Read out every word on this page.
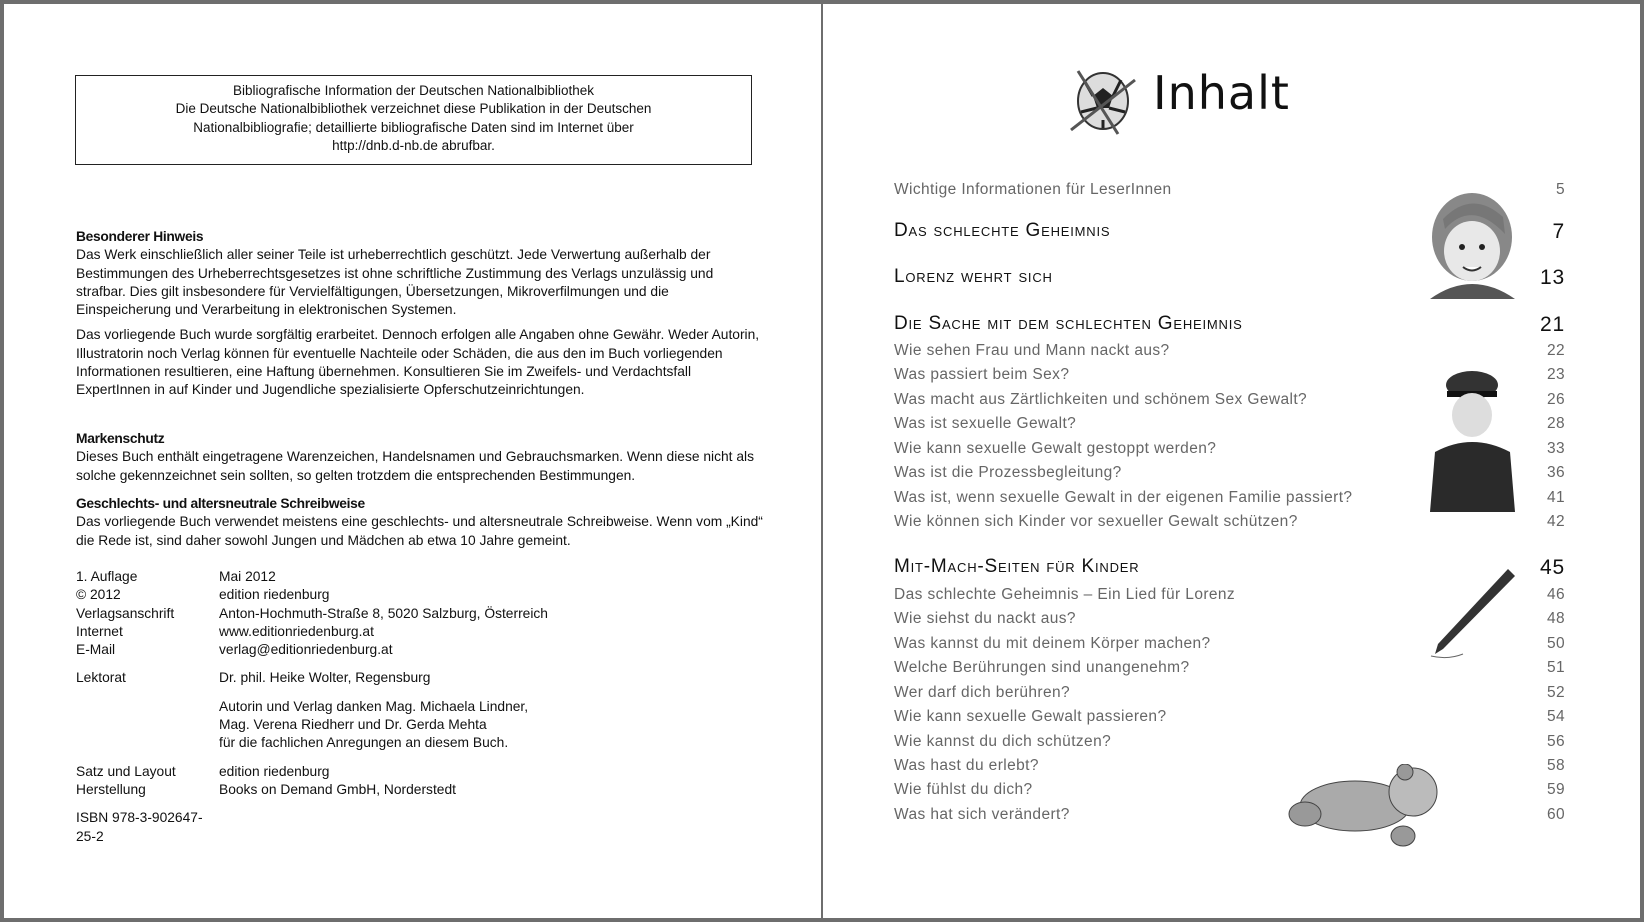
Bibliografische Information der Deutschen Nationalbibliothek
Die Deutsche Nationalbibliothek verzeichnet diese Publikation in der Deutschen
Nationalbibliografie; detaillierte bibliografische Daten sind im Internet über
http://dnb.d-nb.de abrufbar.
Besonderer Hinweis

Das Werk einschließlich aller seiner Teile ist urheberrechtlich geschützt. Jede Verwertung außerhalb der Bestimmungen des Urheberrechtsgesetzes ist ohne schriftliche Zustimmung des Verlags unzulässig und strafbar. Dies gilt insbesondere für Vervielfältigungen, Übersetzungen, Mikroverfilmungen und die Einspeicherung und Verarbeitung in elektronischen Systemen.

Das vorliegende Buch wurde sorgfältig erarbeitet. Dennoch erfolgen alle Angaben ohne Gewähr. Weder Autorin, Illustratorin noch Verlag können für eventuelle Nachteile oder Schäden, die aus den im Buch vorliegenden Informationen resultieren, eine Haftung übernehmen. Konsultieren Sie im Zweifels- und Verdachtsfall ExpertInnen in auf Kinder und Jugendliche spezialisierte Opferschutzeinrichtungen.

Markenschutz

Dieses Buch enthält eingetragene Warenzeichen, Handelsnamen und Gebrauchsmarken. Wenn diese nicht als solche gekennzeichnet sein sollten, so gelten trotzdem die entsprechenden Bestimmungen.

Geschlechts- und altersneutrale Schreibweise

Das vorliegende Buch verwendet meistens eine geschlechts- und altersneutrale Schreibweise. Wenn vom „Kind“ die Rede ist, sind daher sowohl Jungen und Mädchen ab etwa 10 Jahre gemeint.

1. Auflage	Mai 2012
© 2012	edition riedenburg
Verlagsanschrift	Anton-Hochmuth-Straße 8, 5020 Salzburg, Österreich
Internet	www.editionriedenburg.at
E-Mail	verlag@editionriedenburg.at
Lektorat	Dr. phil. Heike Wolter, Regensburg
Autorin und Verlag danken Mag. Michaela Lindner,
Mag. Verena Riedherr und Dr. Gerda Mehta
für die fachlichen Anregungen an diesem Buch.
Satz und Layout	edition riedenburg
Herstellung	Books on Demand GmbH, Norderstedt
ISBN 978-3-902647-25-2
Inhalt
Wichtige Informationen für LeserInnen	5
Das schlechte Geheimnis	7
Lorenz wehrt sich	13
Die Sache mit dem schlechten Geheimnis	21
Wie sehen Frau und Mann nackt aus?	22
Was passiert beim Sex?	23
Was macht aus Zärtlichkeiten und schönem Sex Gewalt?	26
Was ist sexuelle Gewalt?	28
Wie kann sexuelle Gewalt gestoppt werden?	33
Was ist die Prozessbegleitung?	36
Was ist, wenn sexuelle Gewalt in der eigenen Familie passiert?	41
Wie können sich Kinder vor sexueller Gewalt schützen?	42
Mit-Mach-Seiten für Kinder	45
Das schlechte Geheimnis – Ein Lied für Lorenz	46
Wie siehst du nackt aus?	48
Was kannst du mit deinem Körper machen?	50
Welche Berührungen sind unangenehm?	51
Wer darf dich berühren?	52
Wie kann sexuelle Gewalt passieren?	54
Wie kannst du dich schützen?	56
Was hast du erlebt?	58
Wie fühlst du dich?	59
Was hat sich verändert?	60
